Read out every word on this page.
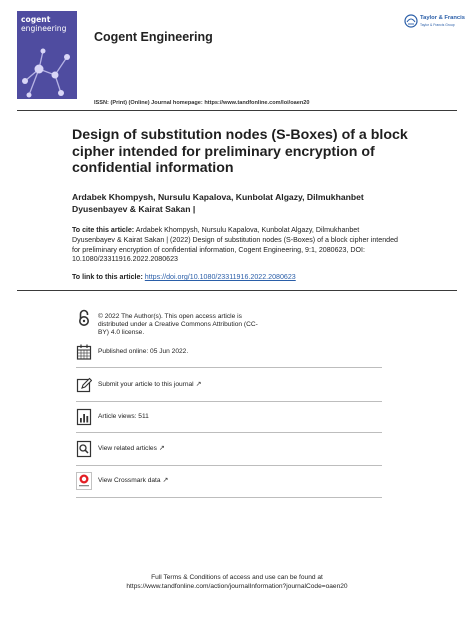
cogent
engineering
Cogent Engineering
Taylor & Francis
Taylor & Francis Group
ISSN: (Print) (Online) Journal homepage: https://www.tandfonline.com/loi/oaen20
Design of substitution nodes (S-Boxes) of a block cipher intended for preliminary encryption of confidential information
Ardabek Khompysh, Nursulu Kapalova, Kunbolat Algazy, Dilmukhanbet Dyusenbayev & Kairat Sakan |
To cite this article: Ardabek Khompysh, Nursulu Kapalova, Kunbolat Algazy, Dilmukhanbet Dyusenbayev & Kairat Sakan | (2022) Design of substitution nodes (S-Boxes) of a block cipher intended for preliminary encryption of confidential information, Cogent Engineering, 9:1, 2080623, DOI: 10.1080/23311916.2022.2080623
To link to this article: https://doi.org/10.1080/23311916.2022.2080623
© 2022 The Author(s). This open access article is distributed under a Creative Commons Attribution (CC-BY) 4.0 license.
Published online: 05 Jun 2022.
Submit your article to this journal ↗
Article views: 511
View related articles ↗
View Crossmark data ↗
Full Terms & Conditions of access and use can be found at
https://www.tandfonline.com/action/journalInformation?journalCode=oaen20
